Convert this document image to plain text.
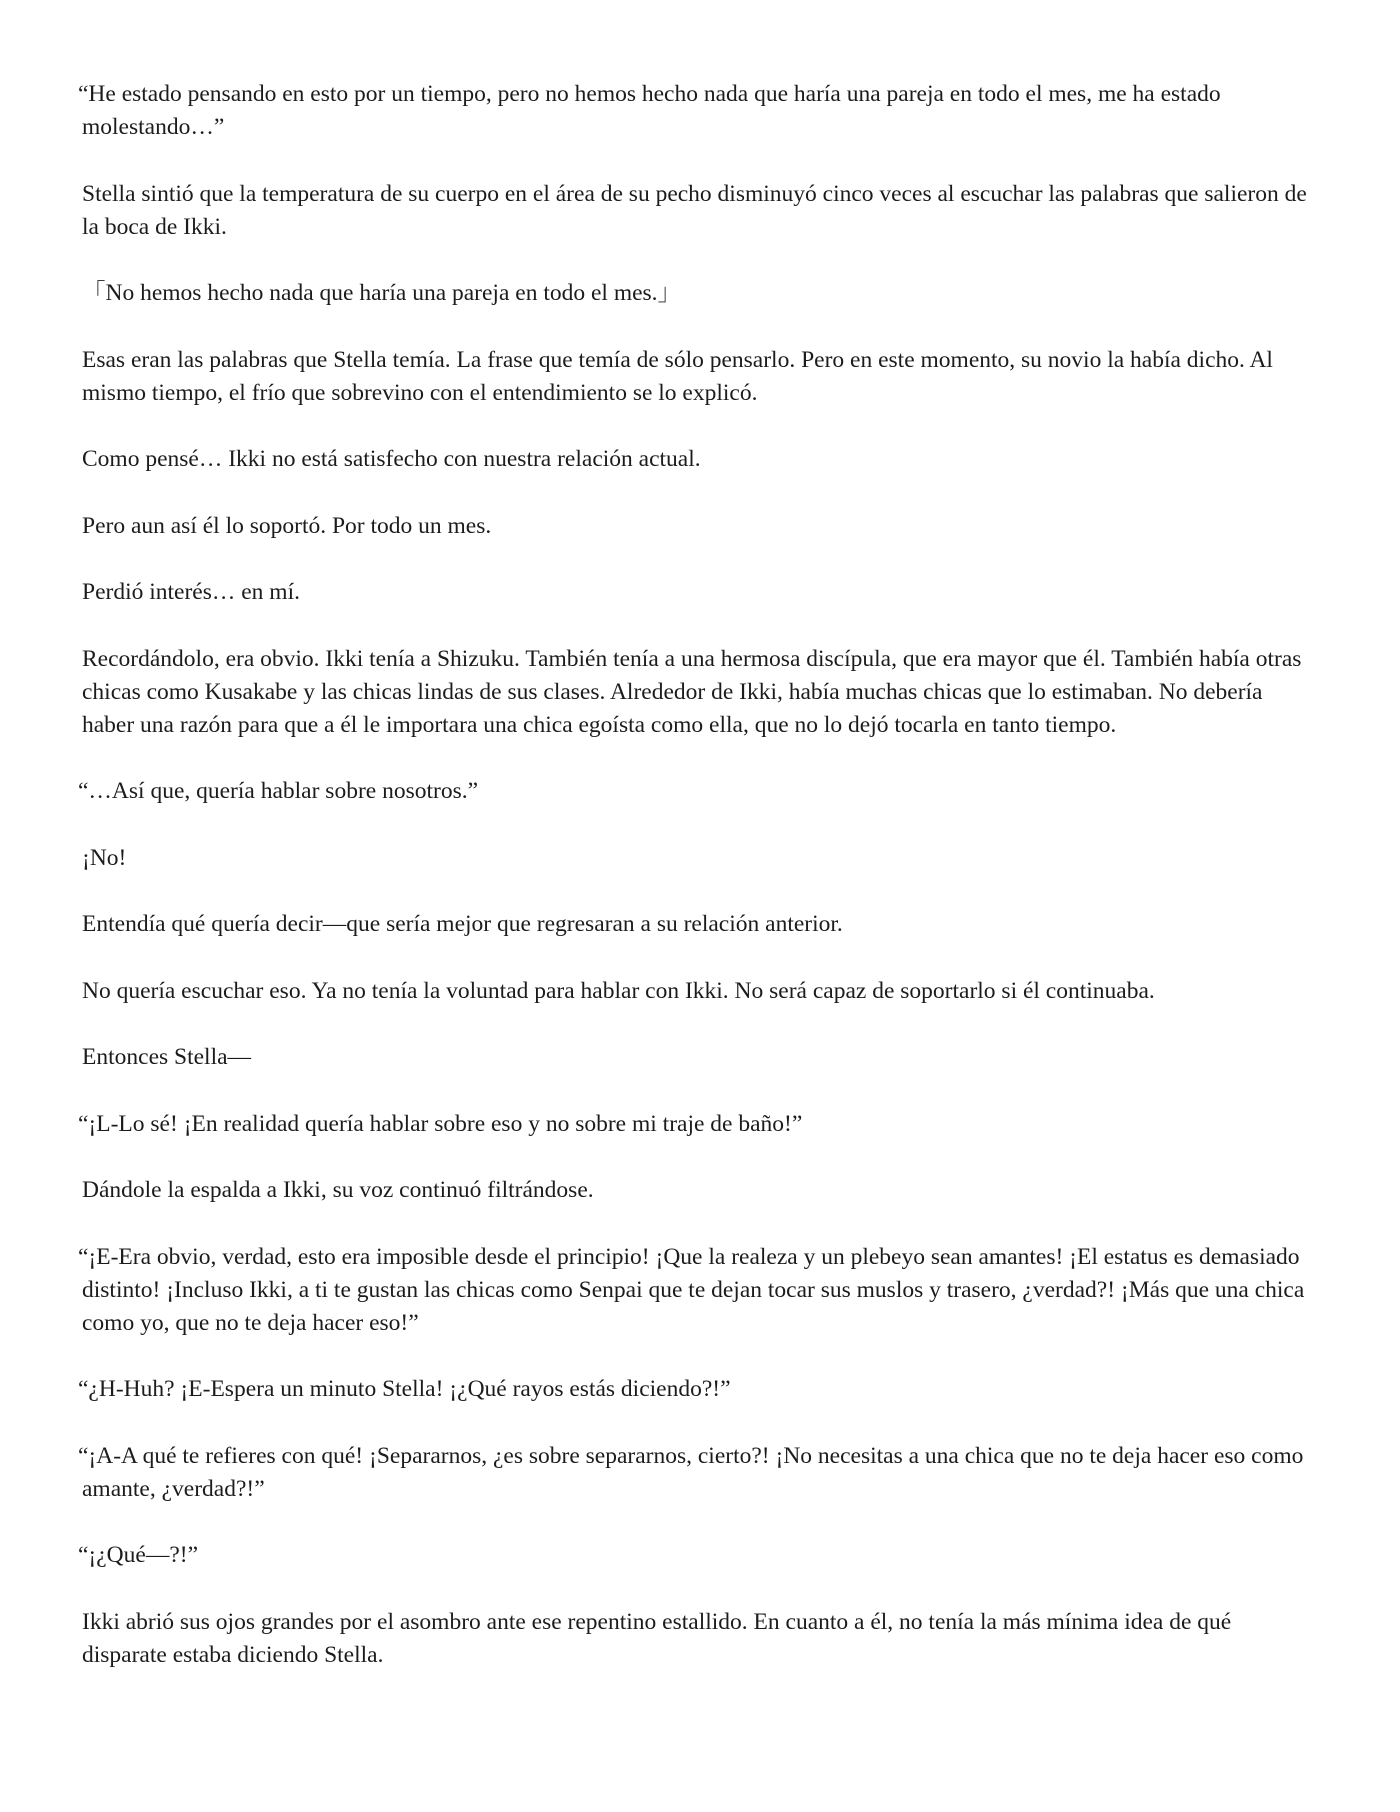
“He estado pensando en esto por un tiempo, pero no hemos hecho nada que haría una pareja en todo el mes, me ha estado molestando…”

Stella sintió que la temperatura de su cuerpo en el área de su pecho disminuyó cinco veces al escuchar las palabras que salieron de la boca de Ikki.

「No hemos hecho nada que haría una pareja en todo el mes.」

Esas eran las palabras que Stella temía. La frase que temía de sólo pensarlo. Pero en este momento, su novio la había dicho. Al mismo tiempo, el frío que sobrevino con el entendimiento se lo explicó.

Como pensé… Ikki no está satisfecho con nuestra relación actual.

Pero aun así él lo soportó. Por todo un mes.

Perdió interés… en mí.

Recordándolo, era obvio. Ikki tenía a Shizuku. También tenía a una hermosa discípula, que era mayor que él. También había otras chicas como Kusakabe y las chicas lindas de sus clases. Alrededor de Ikki, había muchas chicas que lo estimaban. No debería haber una razón para que a él le importara una chica egoísta como ella, que no lo dejó tocarla en tanto tiempo.

“…Así que, quería hablar sobre nosotros.”

¡No!

Entendía qué quería decir—que sería mejor que regresaran a su relación anterior.

No quería escuchar eso. Ya no tenía la voluntad para hablar con Ikki. No será capaz de soportarlo si él continuaba.

Entonces Stella—

“¡L-Lo sé! ¡En realidad quería hablar sobre eso y no sobre mi traje de baño!”

Dándole la espalda a Ikki, su voz continuó filtrándose.

“¡E-Era obvio, verdad, esto era imposible desde el principio! ¡Que la realeza y un plebeyo sean amantes! ¡El estatus es demasiado distinto! ¡Incluso Ikki, a ti te gustan las chicas como Senpai que te dejan tocar sus muslos y trasero, ¿verdad?! ¡Más que una chica como yo, que no te deja hacer eso!”

“¿H-Huh? ¡E-Espera un minuto Stella! ¡¿Qué rayos estás diciendo?!”

“¡A-A qué te refieres con qué! ¡Separarnos, ¿es sobre separarnos, cierto?! ¡No necesitas a una chica que no te deja hacer eso como amante, ¿verdad?!”

“¡¿Qué—?!”

Ikki abrió sus ojos grandes por el asombro ante ese repentino estallido. En cuanto a él, no tenía la más mínima idea de qué disparate estaba diciendo Stella.
